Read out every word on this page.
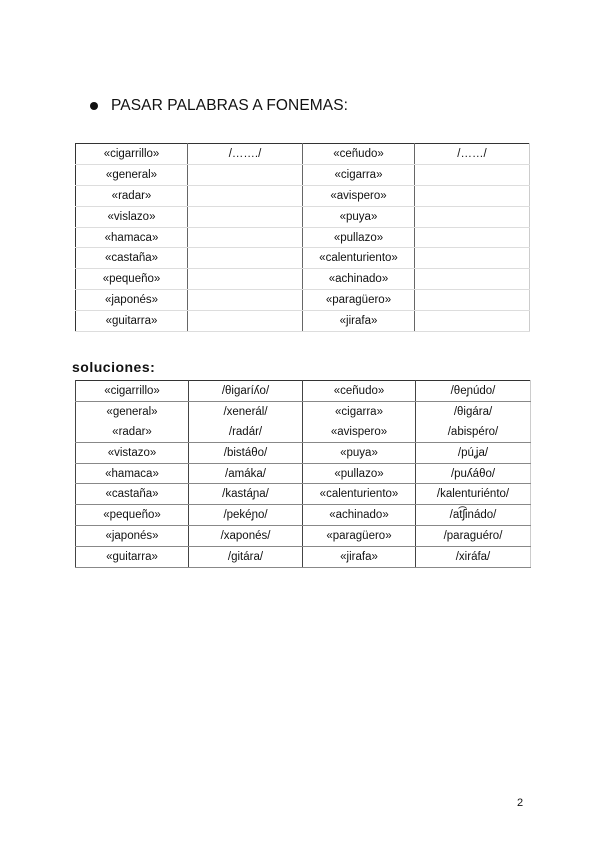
PASAR PALABRAS A FONEMAS:
«cigarrillo»	/……./	«ceñudo»	/……/
«general»		«cigarra»	
«radar»		«avispero»	
«vislazo»		«puya»	
«hamaca»		«pullazo»	
«castaña»		«calenturiento»	
«pequeño»		«achinado»	
«japonés»		«paragüero»	
«guitarra»		«jirafa»	
soluciones:
«cigarrillo»	/θigaríʎo/	«ceñudo»	/θeɲúdo/
«general»	/xenerál/	«cigarra»	/θigára/
«radar»	/radár/	«avispero»	/abispéro/
«vistazo»	/bistáθo/	«puya»	/púʝa/
«hamaca»	/amáka/	«pullazo»	/puʎáθo/
«castaña»	/kastáɲa/	«calenturiento»	/kalenturiénto/
«pequeño»	/pekéɲo/	«achinado»	/at͡ʃinádo/
«japonés»	/xaponés/	«paragüero»	/paraguéro/
«guitarra»	/gitára/	«jirafa»	/xiráfa/
2
